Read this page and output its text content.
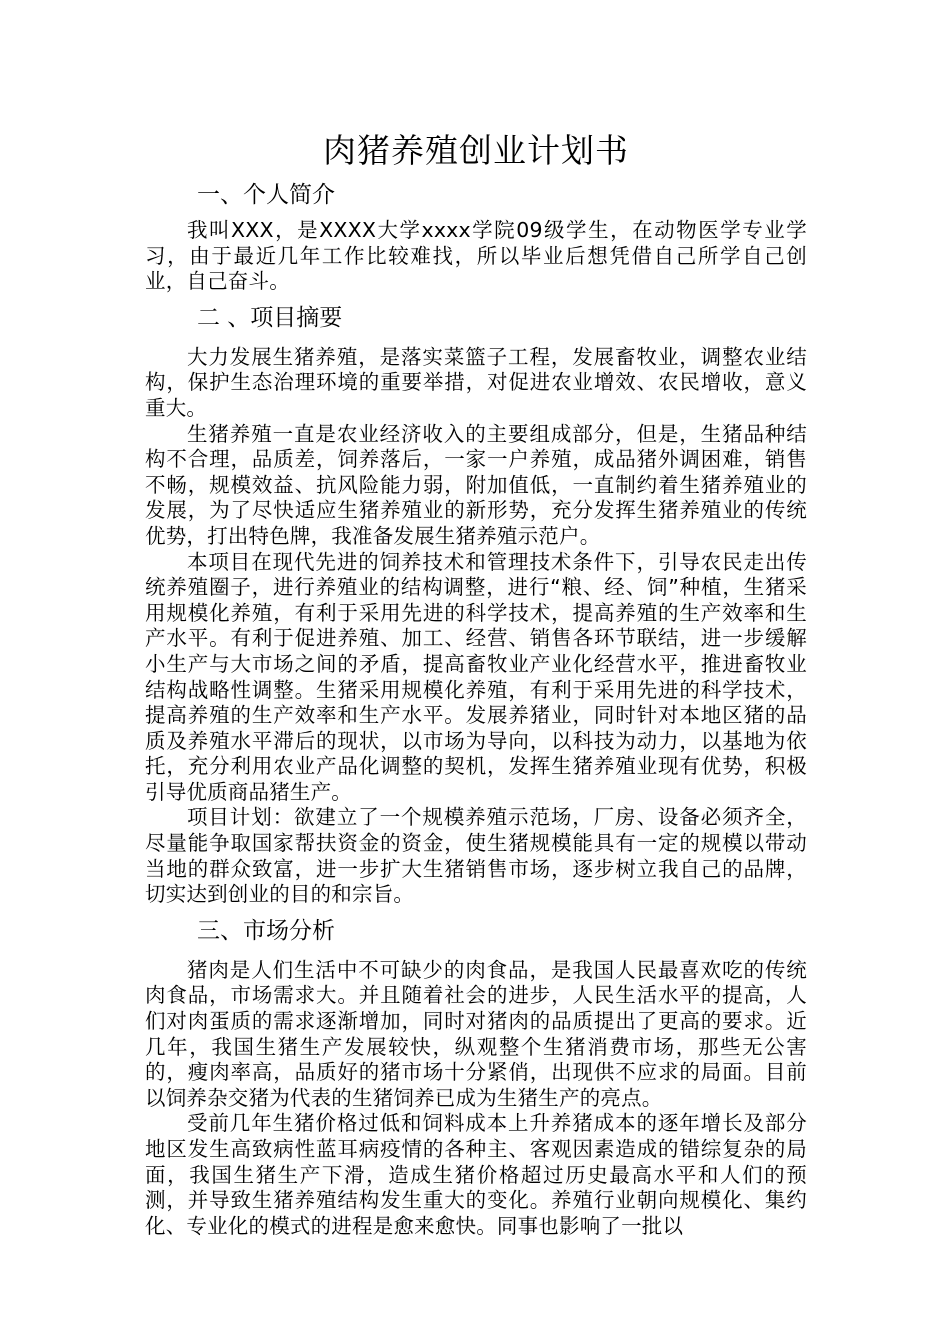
肉猪养殖创业计划书
一、个人简介

我叫XXX，是XXXX大学xxxx学院09级学生，在动物医学专业学习，由于最近几年工作比较难找，所以毕业后想凭借自己所学自己创业，自己奋斗。

二 、项目摘要

大力发展生猪养殖，是落实菜篮子工程，发展畜牧业，调整农业结构，保护生态治理环境的重要举措，对促进农业增效、农民增收，意义重大。

生猪养殖一直是农业经济收入的主要组成部分，但是，生猪品种结构不合理，品质差，饲养落后，一家一户养殖，成品猪外调困难，销售不畅，规模效益、抗风险能力弱，附加值低，一直制约着生猪养殖业的发展，为了尽快适应生猪养殖业的新形势，充分发挥生猪养殖业的传统优势，打出特色牌，我准备发展生猪养殖示范户。

本项目在现代先进的饲养技术和管理技术条件下，引导农民走出传统养殖圈子，进行养殖业的结构调整，进行“粮、经、饲”种植，生猪采用规模化养殖，有利于采用先进的科学技术，提高养殖的生产效率和生产水平。有利于促进养殖、加工、经营、销售各环节联结，进一步缓解小生产与大市场之间的矛盾，提高畜牧业产业化经营水平，推进畜牧业结构战略性调整。生猪采用规模化养殖，有利于采用先进的科学技术，提高养殖的生产效率和生产水平。发展养猪业，同时针对本地区猪的品质及养殖水平滞后的现状，以市场为导向，以科技为动力，以基地为依托，充分利用农业产品化调整的契机，发挥生猪养殖业现有优势，积极引导优质商品猪生产。

项目计划：欲建立了一个规模养殖示范场，厂房、设备必须齐全，尽量能争取国家帮扶资金的资金，使生猪规模能具有一定的规模以带动当地的群众致富，进一步扩大生猪销售市场，逐步树立我自己的品牌，切实达到创业的目的和宗旨。

三、市场分析

猪肉是人们生活中不可缺少的肉食品，是我国人民最喜欢吃的传统肉食品，市场需求大。并且随着社会的进步，人民生活水平的提高，人们对肉蛋质的需求逐渐增加，同时对猪肉的品质提出了更高的要求。近几年，我国生猪生产发展较快，纵观整个生猪消费市场，那些无公害的，瘦肉率高，品质好的猪市场十分紧俏，出现供不应求的局面。目前以饲养杂交猪为代表的生猪饲养已成为生猪生产的亮点。

受前几年生猪价格过低和饲料成本上升养猪成本的逐年增长及部分地区发生高致病性蓝耳病疫情的各种主、客观因素造成的错综复杂的局面，我国生猪生产下滑，造成生猪价格超过历史最高水平和人们的预测，并导致生猪养殖结构发生重大的变化。养殖行业朝向规模化、集约化、专业化的模式的进程是愈来愈快。同事也影响了一批以
